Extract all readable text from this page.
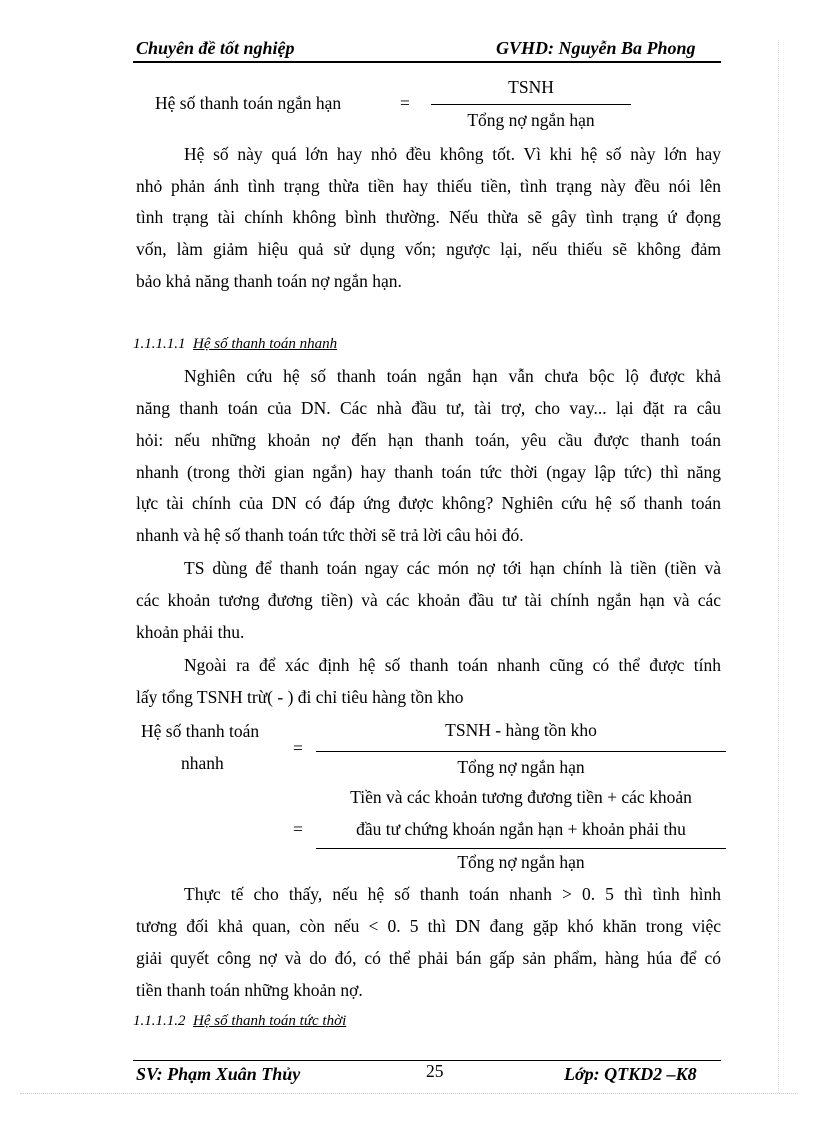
Chuyên đề tốt nghiệp	GVHD: Nguyễn Ba Phong
Hệ số thanh toán ngắn hạn	=
TSNH
Tổng nợ ngắn hạn
Hệ số này quá lớn hay nhỏ đều không tốt. Vì khi hệ số này lớn hay
nhỏ phản ánh tình trạng thừa tiền hay thiếu tiền, tình trạng này đều nói lên
tình trạng tài chính không bình thường. Nếu thừa sẽ gây tình trạng ứ đọng
vốn, làm giảm hiệu quả sử dụng vốn; ngược lại, nếu thiếu sẽ không đảm
bảo khả năng thanh toán nợ ngắn hạn.
1.1.1.1.1 Hệ số thanh toán nhanh
Nghiên cứu hệ số thanh toán ngắn hạn vẫn chưa bộc lộ được khả
năng thanh toán của DN. Các nhà đầu tư, tài trợ, cho vay... lại đặt ra câu
hỏi: nếu những khoản nợ đến hạn thanh toán, yêu cầu được thanh toán
nhanh (trong thời gian ngắn) hay thanh toán tức thời (ngay lập tức) thì năng
lực tài chính của DN có đáp ứng được không? Nghiên cứu hệ số thanh toán
nhanh và hệ số thanh toán tức thời sẽ trả lời câu hỏi đó.
TS dùng để thanh toán ngay các món nợ tới hạn chính là tiền (tiền và
các khoản tương đương tiền) và các khoản đầu tư tài chính ngắn hạn và các
khoản phải thu.
Ngoài ra để xác định hệ số thanh toán nhanh cũng có thể được tính
lấy tổng TSNH trừ( - ) đi chỉ tiêu hàng tồn kho
Hệ số thanh toán
nhanh
=
TSNH - hàng tồn kho
Tổng nợ ngắn hạn
Tiền và các khoản tương đương tiền + các khoản
=	đầu tư chứng khoán ngắn hạn + khoản phải thu
Tổng nợ ngắn hạn
Thực tế cho thấy, nếu hệ số thanh toán nhanh > 0. 5 thì tình hình
tương đối khả quan, còn nếu < 0. 5 thì DN đang gặp khó khăn trong việc
giải quyết công nợ và do đó, có thể phải bán gấp sản phẩm, hàng húa để có
tiền thanh toán những khoản nợ.
1.1.1.1.2 Hệ số thanh toán tức thời
SV: Phạm Xuân Thủy	25	Lớp: QTKD2 –K8
